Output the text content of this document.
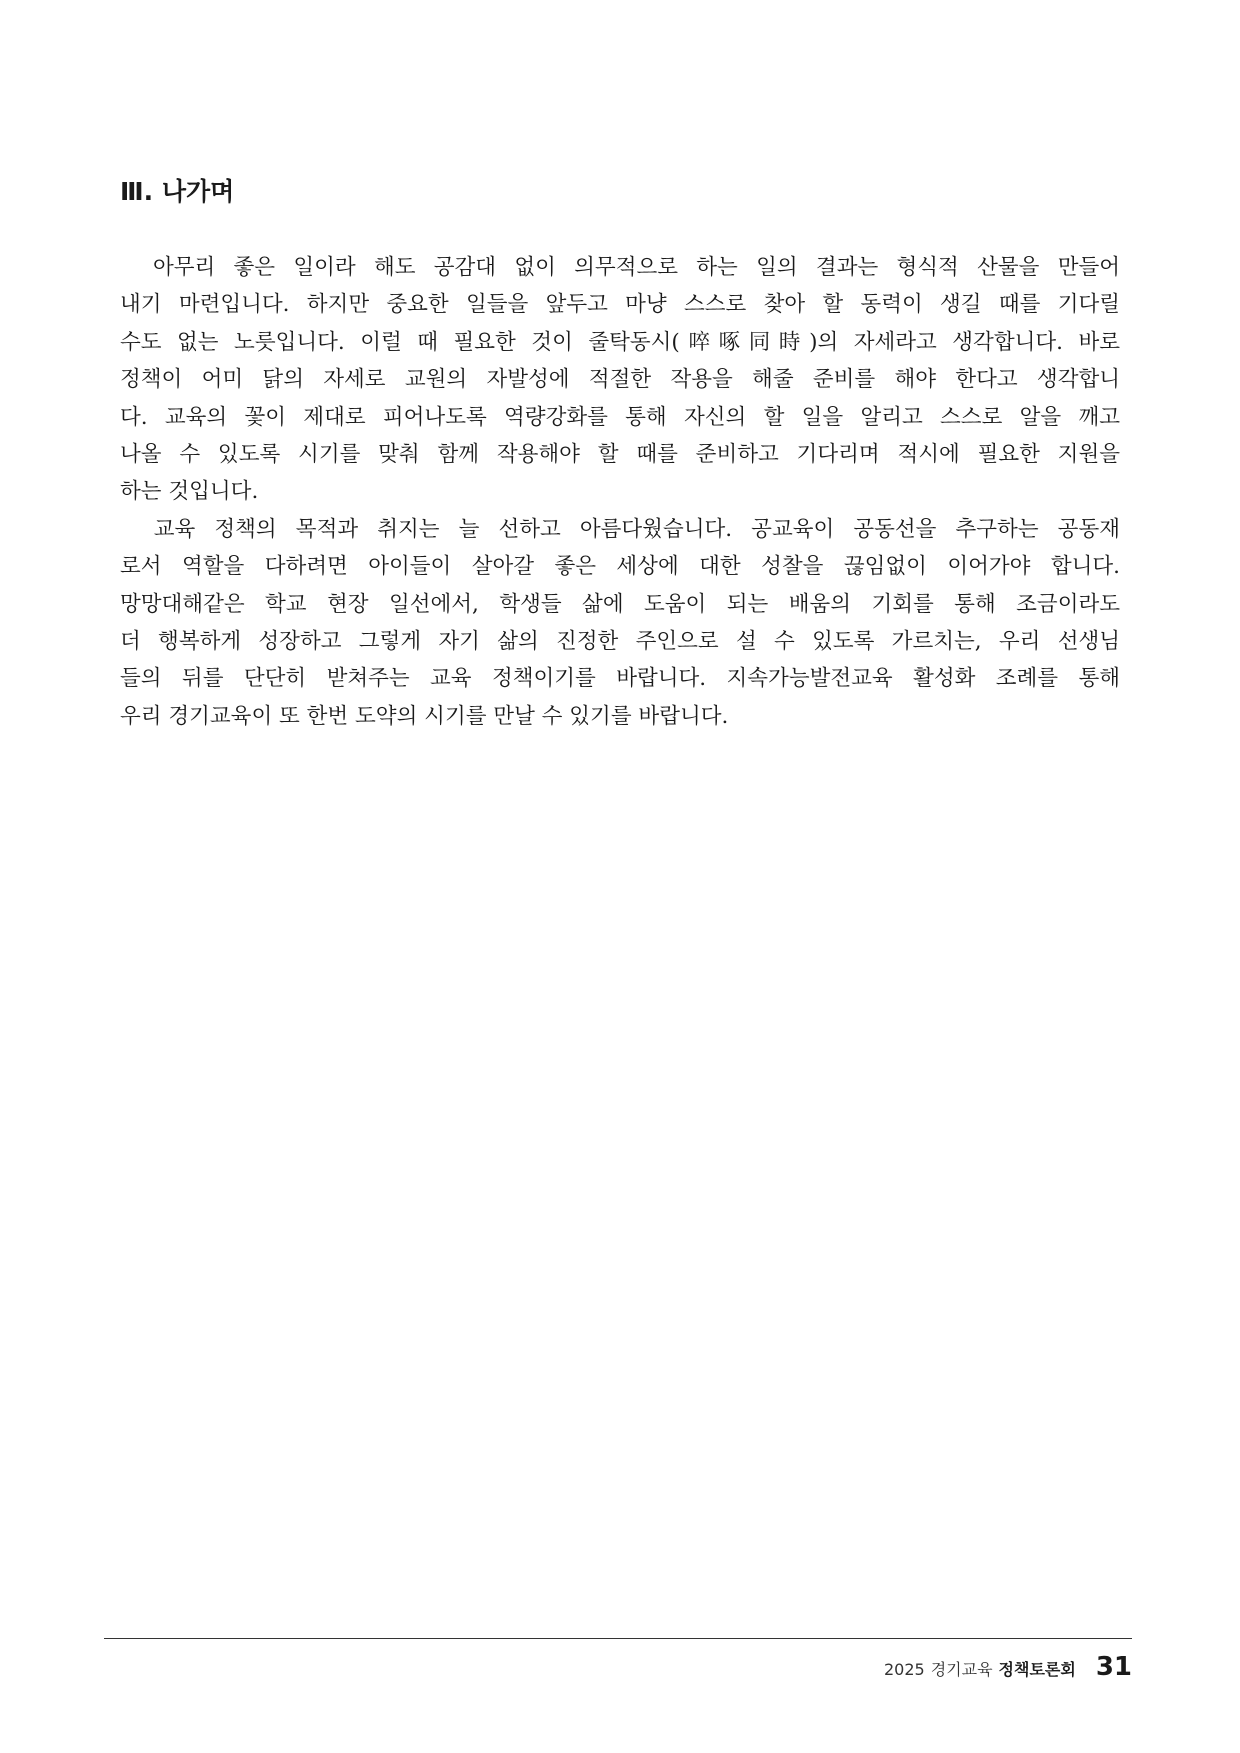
Ⅲ. 나가며

　아무리 좋은 일이라 해도 공감대 없이 의무적으로 하는 일의 결과는 형식적 산물을 만들어
내기 마련입니다. 하지만 중요한 일들을 앞두고 마냥 스스로 찾아 할 동력이 생길 때를 기다릴
수도 없는 노릇입니다. 이럴 때 필요한 것이 줄탁동시(啐啄同時)의 자세라고 생각합니다. 바로
정책이 어미 닭의 자세로 교원의 자발성에 적절한 작용을 해줄 준비를 해야 한다고 생각합니
다. 교육의 꽃이 제대로 피어나도록 역량강화를 통해 자신의 할 일을 알리고 스스로 알을 깨고
나올 수 있도록 시기를 맞춰 함께 작용해야 할 때를 준비하고 기다리며 적시에 필요한 지원을
하는 것입니다.

　교육 정책의 목적과 취지는 늘 선하고 아름다웠습니다. 공교육이 공동선을 추구하는 공동재
로서 역할을 다하려면 아이들이 살아갈 좋은 세상에 대한 성찰을 끊임없이 이어가야 합니다.
망망대해같은 학교 현장 일선에서, 학생들 삶에 도움이 되는 배움의 기회를 통해 조금이라도
더 행복하게 성장하고 그렇게 자기 삶의 진정한 주인으로 설 수 있도록 가르치는, 우리 선생님
들의 뒤를 단단히 받쳐주는 교육 정책이기를 바랍니다. 지속가능발전교육 활성화 조례를 통해
우리 경기교육이 또 한번 도약의 시기를 만날 수 있기를 바랍니다.

2025 경기교육 정책토론회 31
